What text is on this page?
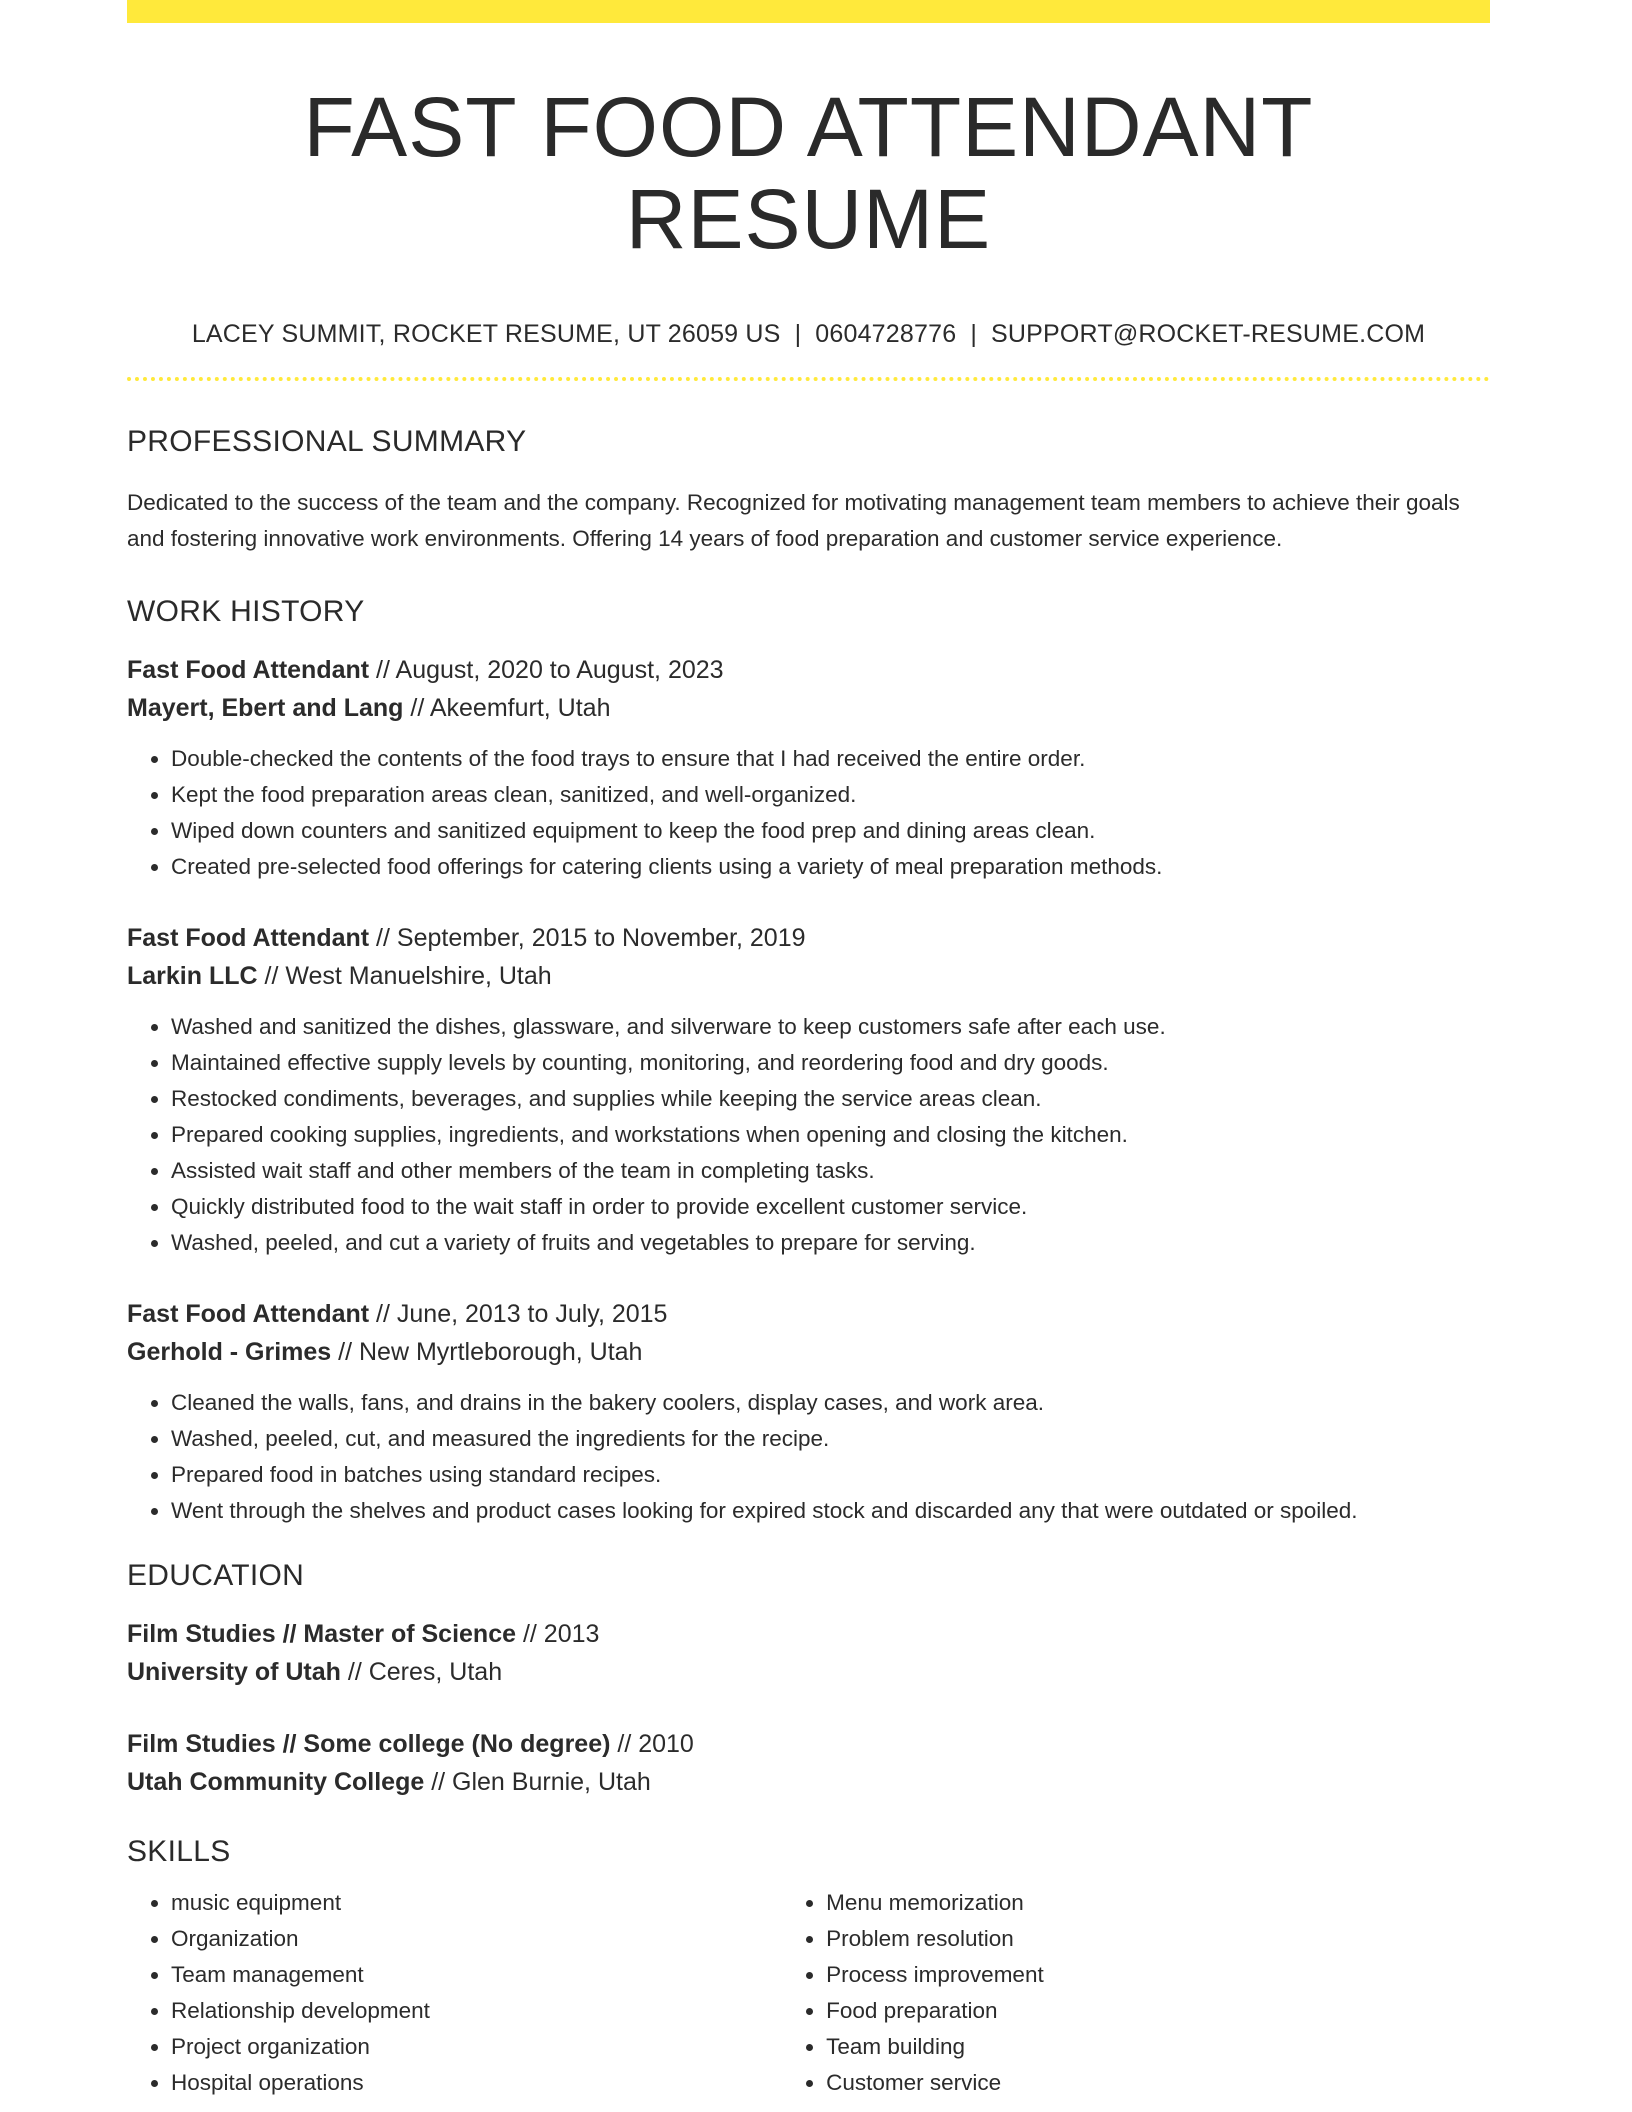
FAST FOOD ATTENDANT RESUME
LACEY SUMMIT, ROCKET RESUME, UT 26059 US | 0604728776 | SUPPORT@ROCKET-RESUME.COM
PROFESSIONAL SUMMARY
Dedicated to the success of the team and the company. Recognized for motivating management team members to achieve their goals and fostering innovative work environments. Offering 14 years of food preparation and customer service experience.
WORK HISTORY
Fast Food Attendant // August, 2020 to August, 2023
Mayert, Ebert and Lang // Akeemfurt, Utah
• Double-checked the contents of the food trays to ensure that I had received the entire order.
• Kept the food preparation areas clean, sanitized, and well-organized.
• Wiped down counters and sanitized equipment to keep the food prep and dining areas clean.
• Created pre-selected food offerings for catering clients using a variety of meal preparation methods.
Fast Food Attendant // September, 2015 to November, 2019
Larkin LLC // West Manuelshire, Utah
• Washed and sanitized the dishes, glassware, and silverware to keep customers safe after each use.
• Maintained effective supply levels by counting, monitoring, and reordering food and dry goods.
• Restocked condiments, beverages, and supplies while keeping the service areas clean.
• Prepared cooking supplies, ingredients, and workstations when opening and closing the kitchen.
• Assisted wait staff and other members of the team in completing tasks.
• Quickly distributed food to the wait staff in order to provide excellent customer service.
• Washed, peeled, and cut a variety of fruits and vegetables to prepare for serving.
Fast Food Attendant // June, 2013 to July, 2015
Gerhold - Grimes // New Myrtleborough, Utah
• Cleaned the walls, fans, and drains in the bakery coolers, display cases, and work area.
• Washed, peeled, cut, and measured the ingredients for the recipe.
• Prepared food in batches using standard recipes.
• Went through the shelves and product cases looking for expired stock and discarded any that were outdated or spoiled.
EDUCATION
Film Studies // Master of Science // 2013
University of Utah // Ceres, Utah
Film Studies // Some college (No degree) // 2010
Utah Community College // Glen Burnie, Utah
SKILLS
• music equipment
• Organization
• Team management
• Relationship development
• Project organization
• Hospital operations
• Menu memorization
• Problem resolution
• Process improvement
• Food preparation
• Team building
• Customer service
